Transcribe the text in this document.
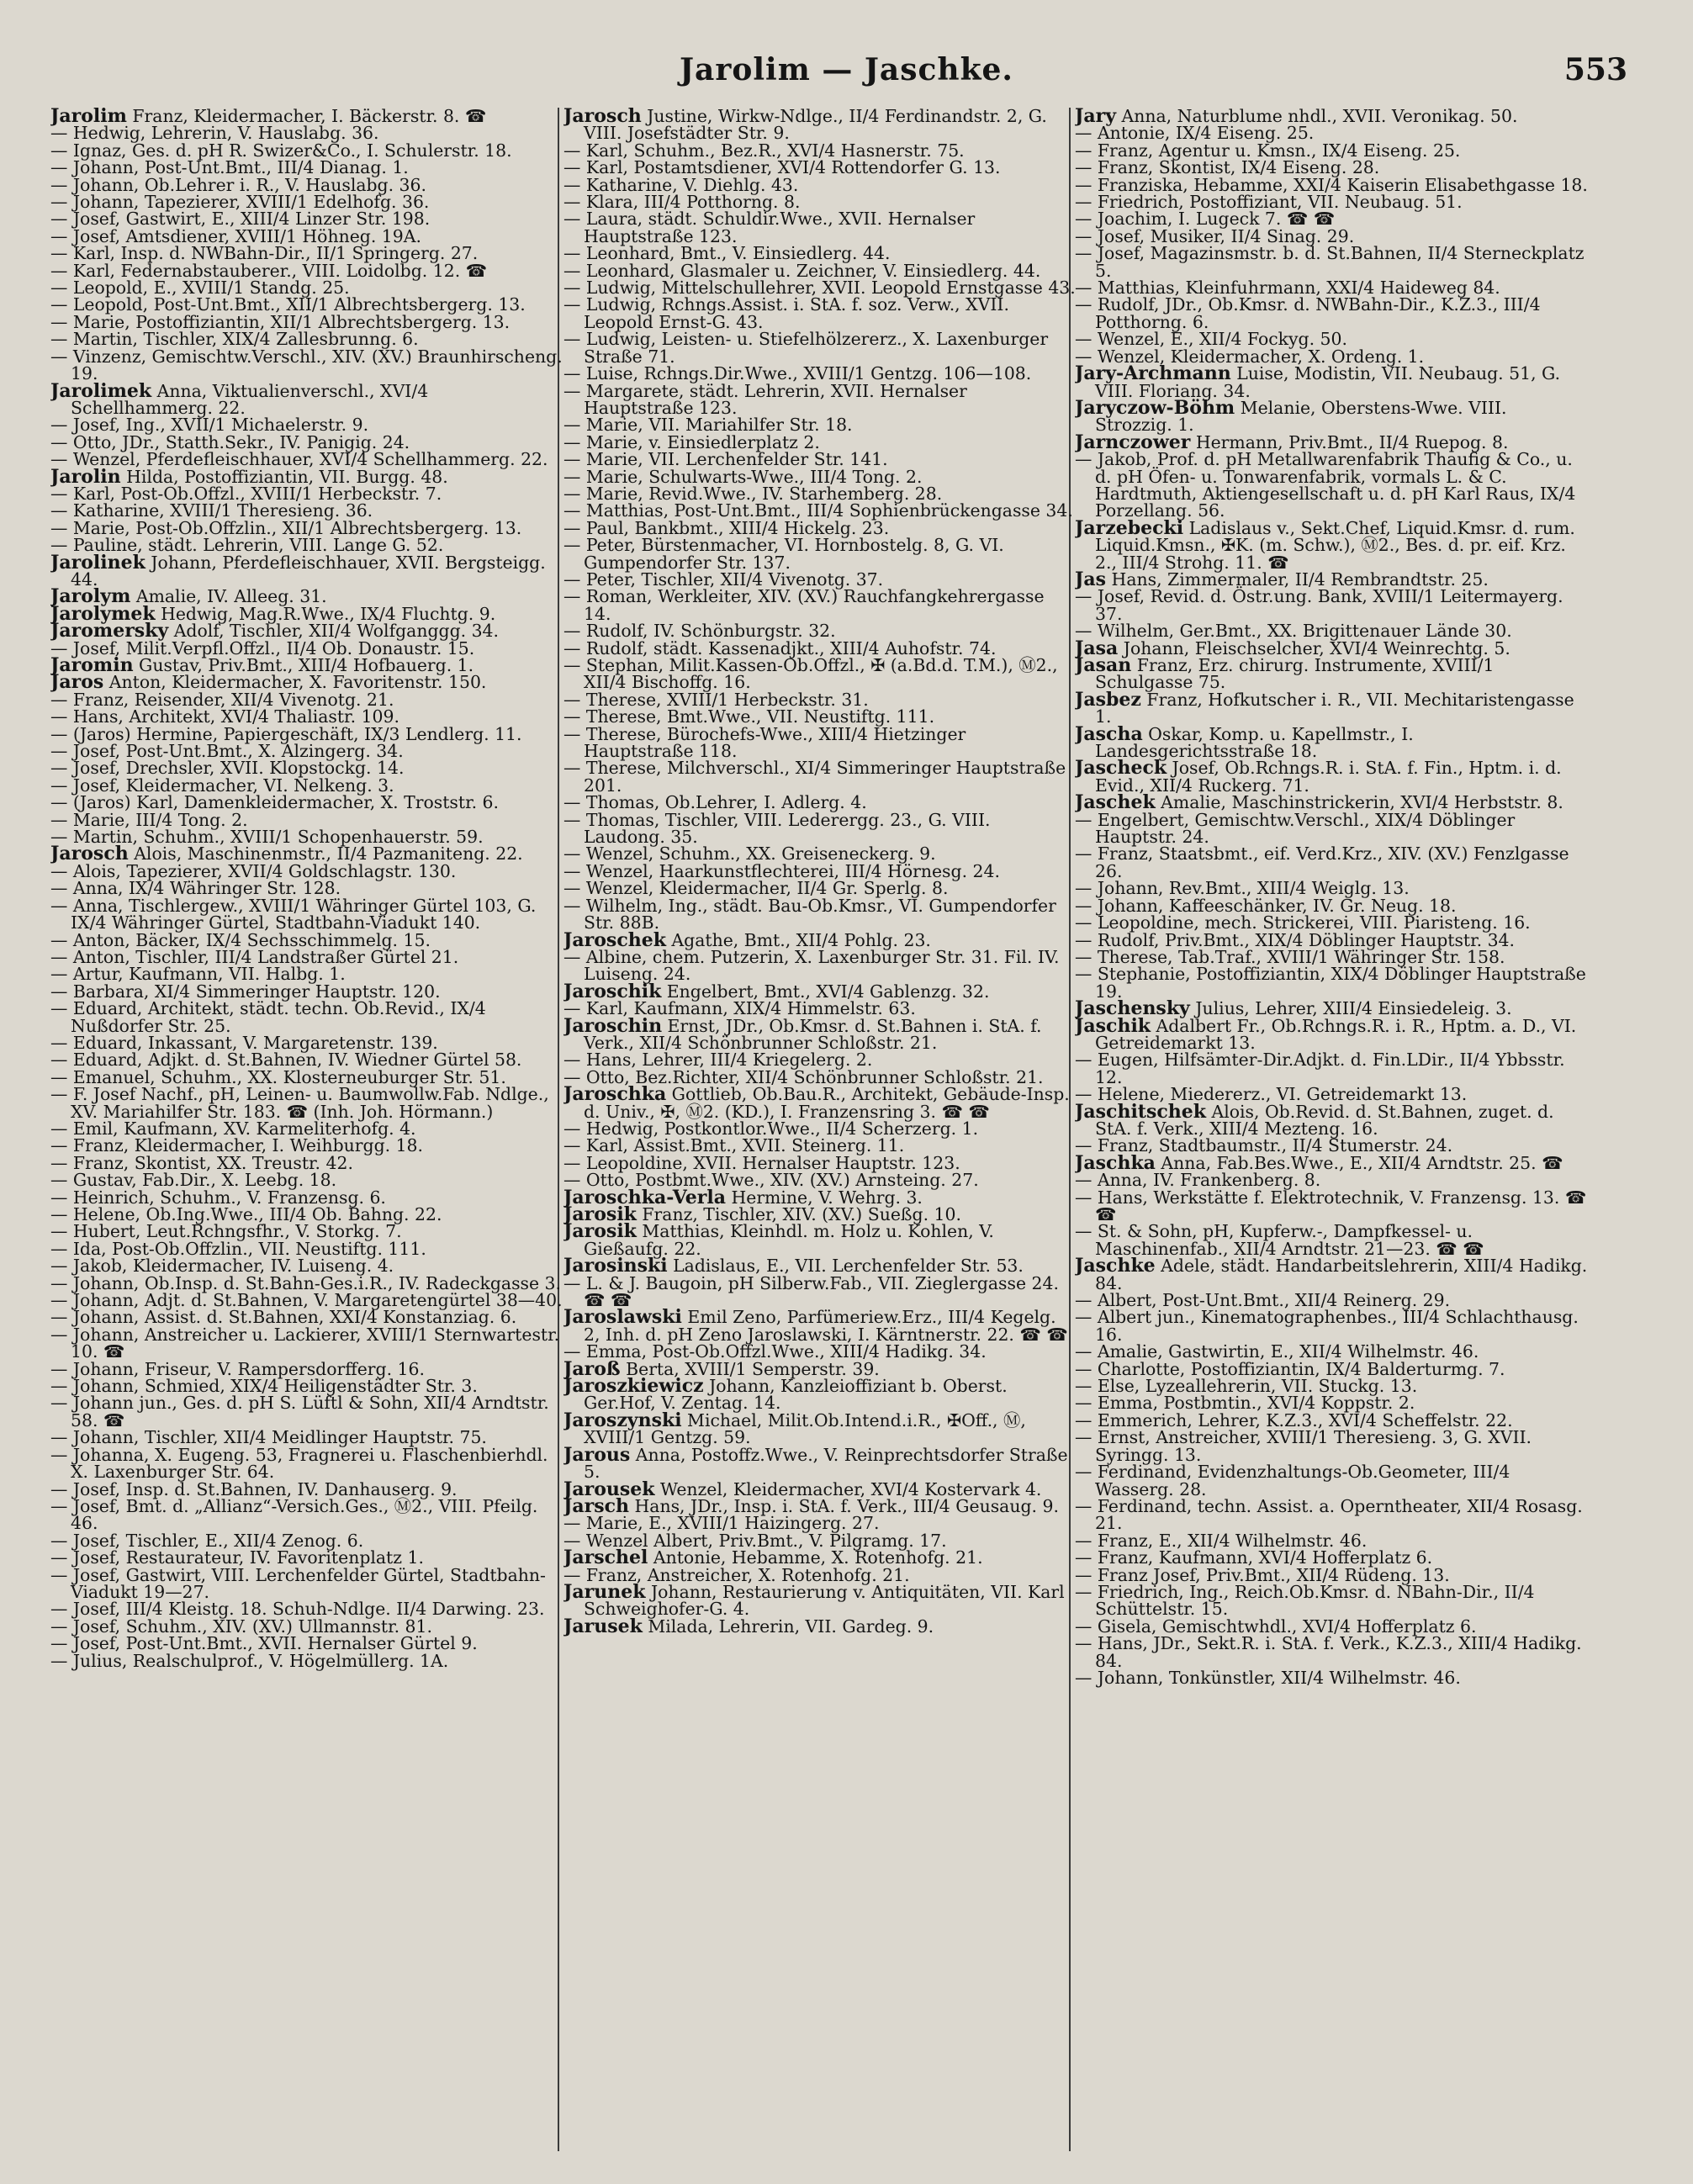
Jarolim — Jaschke.	553

Jarolim Franz, Kleidermacher, I. Bäckerstr. 8. ☎

— Hedwig, Lehrerin, V. Hauslabg. 36.

— Ignaz, Ges. d. pH R. Swizer&Co., I. Schulerstr. 18.

— Johann, Post-Unt.Bmt., III/4 Dianag. 1.

— Johann, Ob.Lehrer i. R., V. Hauslabg. 36.

— Johann, Tapezierer, XVIII/1 Edelhofg. 36.

— Josef, Gastwirt, E., XIII/4 Linzer Str. 198.

— Josef, Amtsdiener, XVIII/1 Höhneg. 19A.

— Karl, Insp. d. NWBahn-Dir., II/1 Springerg. 27.

— Karl, Federnabstauberer., VIII. Loidolbg. 12. ☎

— Leopold, E., XVIII/1 Standg. 25.

— Leopold, Post-Unt.Bmt., XII/1 Albrechtsbergerg. 13.

— Marie, Postoffiziantin, XII/1 Albrechtsbergerg. 13.

— Martin, Tischler, XIX/4 Zallesbrunng. 6.

— Vinzenz, Gemischtw.Verschl., XIV. (XV.) Braunhirscheng. 19.

Jarolimek Anna, Viktualienverschl., XVI/4 Schellhammerg. 22.

— Josef, Ing., XVII/1 Michaelerstr. 9.

— Otto, JDr., Statth.Sekr., IV. Panigig. 24.

— Wenzel, Pferdefleischhauer, XVI/4 Schellhammerg. 22.

Jarolin Hilda, Postoffiziantin, VII. Burgg. 48.

— Karl, Post-Ob.Offzl., XVIII/1 Herbeckstr. 7.

— Katharine, XVIII/1 Theresieng. 36.

— Marie, Post-Ob.Offzlin., XII/1 Albrechtsbergerg. 13.

— Pauline, städt. Lehrerin, VIII. Lange G. 52.

Jarolinek Johann, Pferdefleischhauer, XVII. Bergsteigg. 44.

Jarolym Amalie, IV. Alleeg. 31.

Jarolymek Hedwig, Mag.R.Wwe., IX/4 Fluchtg. 9.

Jaromersky Adolf, Tischler, XII/4 Wolfganggg. 34.

— Josef, Milit.Verpfl.Offzl., II/4 Ob. Donaustr. 15.

Jaromin Gustav, Priv.Bmt., XIII/4 Hofbauerg. 1.

Jaros Anton, Kleidermacher, X. Favoritenstr. 150.

— Franz, Reisender, XII/4 Vivenotg. 21.

— Hans, Architekt, XVI/4 Thaliastr. 109.

— (Jaros) Hermine, Papiergeschäft, IX/3 Lendlerg. 11.

— Josef, Post-Unt.Bmt., X. Alzingerg. 34.

— Josef, Drechsler, XVII. Klopstockg. 14.

— Josef, Kleidermacher, VI. Nelkeng. 3.

— (Jaros) Karl, Damenkleidermacher, X. Troststr. 6.

— Marie, III/4 Tong. 2.

— Martin, Schuhm., XVIII/1 Schopenhauerstr. 59.

Jarosch Alois, Maschinenmstr., II/4 Pazmaniteng. 22.

— Alois, Tapezierer, XVII/4 Goldschlagstr. 130.

— Anna, IX/4 Währinger Str. 128.

— Anna, Tischlergew., XVIII/1 Währinger Gürtel 103, G. IX/4 Währinger Gürtel, Stadtbahn-Viadukt 140.

— Anton, Bäcker, IX/4 Sechsschimmelg. 15.

— Anton, Tischler, III/4 Landstraßer Gürtel 21.

— Artur, Kaufmann, VII. Halbg. 1.

— Barbara, XI/4 Simmeringer Hauptstr. 120.

— Eduard, Architekt, städt. techn. Ob.Revid., IX/4 Nußdorfer Str. 25.

— Eduard, Inkassant, V. Margaretenstr. 139.

— Eduard, Adjkt. d. St.Bahnen, IV. Wiedner Gürtel 58.

— Emanuel, Schuhm., XX. Klosterneuburger Str. 51.

— F. Josef Nachf., pH, Leinen- u. Baumwollw.Fab. Ndlge., XV. Mariahilfer Str. 183. ☎ (Inh. Joh. Hörmann.)

— Emil, Kaufmann, XV. Karmeliterhofg. 4.

— Franz, Kleidermacher, I. Weihburgg. 18.

— Franz, Skontist, XX. Treustr. 42.

— Gustav, Fab.Dir., X. Leebg. 18.

— Heinrich, Schuhm., V. Franzensg. 6.

— Helene, Ob.Ing.Wwe., III/4 Ob. Bahng. 22.

— Hubert, Leut.Rchngsfhr., V. Storkg. 7.

— Ida, Post-Ob.Offzlin., VII. Neustiftg. 111.

— Jakob, Kleidermacher, IV. Luiseng. 4.

— Johann, Ob.Insp. d. St.Bahn-Ges.i.R., IV. Radeckgasse 3.

— Johann, Adjt. d. St.Bahnen, V. Margaretengürtel 38—40.

— Johann, Assist. d. St.Bahnen, XXI/4 Konstanziag. 6.

— Johann, Anstreicher u. Lackierer, XVIII/1 Sternwartestr. 10. ☎

— Johann, Friseur, V. Rampersdorfferg. 16.

— Johann, Schmied, XIX/4 Heiligenstädter Str. 3.

— Johann jun., Ges. d. pH S. Lüftl & Sohn, XII/4 Arndtstr. 58. ☎

— Johann, Tischler, XII/4 Meidlinger Hauptstr. 75.

— Johanna, X. Eugeng. 53, Fragnerei u. Flaschenbierhdl. X. Laxenburger Str. 64.

— Josef, Insp. d. St.Bahnen, IV. Danhauserg. 9.

— Josef, Bmt. d. „Allianz“-Versich.Ges., Ⓜ2., VIII. Pfeilg. 46.

— Josef, Tischler, E., XII/4 Zenog. 6.

— Josef, Restaurateur, IV. Favoritenplatz 1.

— Josef, Gastwirt, VIII. Lerchenfelder Gürtel, Stadtbahn-Viadukt 19—27.

— Josef, III/4 Kleistg. 18. Schuh-Ndlge. II/4 Darwing. 23.

— Josef, Schuhm., XIV. (XV.) Ullmannstr. 81.

— Josef, Post-Unt.Bmt., XVII. Hernalser Gürtel 9.

— Julius, Realschulprof., V. Högelmüllerg. 1A.

Jarosch Justine, Wirkw-Ndlge., II/4 Ferdinandstr. 2, G. VIII. Josefstädter Str. 9.

— Karl, Schuhm., Bez.R., XVI/4 Hasnerstr. 75.

— Karl, Postamtsdiener, XVI/4 Rottendorfer G. 13.

— Katharine, V. Diehlg. 43.

— Klara, III/4 Potthorng. 8.

— Laura, städt. Schuldir.Wwe., XVII. Hernalser Hauptstraße 123.

— Leonhard, Bmt., V. Einsiedlerg. 44.

— Leonhard, Glasmaler u. Zeichner, V. Einsiedlerg. 44.

— Ludwig, Mittelschullehrer, XVII. Leopold Ernstgasse 43.

— Ludwig, Rchngs.Assist. i. StA. f. soz. Verw., XVII. Leopold Ernst-G. 43.

— Ludwig, Leisten- u. Stiefelhölzererz., X. Laxenburger Straße 71.

— Luise, Rchngs.Dir.Wwe., XVIII/1 Gentzg. 106—108.

— Margarete, städt. Lehrerin, XVII. Hernalser Hauptstraße 123.

— Marie, VII. Mariahilfer Str. 18.

— Marie, v. Einsiedlerplatz 2.

— Marie, VII. Lerchenfelder Str. 141.

— Marie, Schulwarts-Wwe., III/4 Tong. 2.

— Marie, Revid.Wwe., IV. Starhemberg. 28.

— Matthias, Post-Unt.Bmt., III/4 Sophienbrückengasse 34.

— Paul, Bankbmt., XIII/4 Hickelg. 23.

— Peter, Bürstenmacher, VI. Hornbostelg. 8, G. VI. Gumpendorfer Str. 137.

— Peter, Tischler, XII/4 Vivenotg. 37.

— Roman, Werkleiter, XIV. (XV.) Rauchfangkehrergasse 14.

— Rudolf, IV. Schönburgstr. 32.

— Rudolf, städt. Kassenadjkt., XIII/4 Auhofstr. 74.

— Stephan, Milit.Kassen-Ob.Offzl., ✠ (a.Bd.d. T.M.), Ⓜ2., XII/4 Bischoffg. 16.

— Therese, XVIII/1 Herbeckstr. 31.

— Therese, Bmt.Wwe., VII. Neustiftg. 111.

— Therese, Bürochefs-Wwe., XIII/4 Hietzinger Hauptstraße 118.

— Therese, Milchverschl., XI/4 Simmeringer Hauptstraße 201.

— Thomas, Ob.Lehrer, I. Adlerg. 4.

— Thomas, Tischler, VIII. Lederergg. 23., G. VIII. Laudong. 35.

— Wenzel, Schuhm., XX. Greiseneckerg. 9.

— Wenzel, Haarkunstflechterei, III/4 Hörnesg. 24.

— Wenzel, Kleidermacher, II/4 Gr. Sperlg. 8.

— Wilhelm, Ing., städt. Bau-Ob.Kmsr., VI. Gumpendorfer Str. 88B.

Jaroschek Agathe, Bmt., XII/4 Pohlg. 23.

— Albine, chem. Putzerin, X. Laxenburger Str. 31. Fil. IV. Luiseng. 24.

Jaroschik Engelbert, Bmt., XVI/4 Gablenzg. 32.

— Karl, Kaufmann, XIX/4 Himmelstr. 63.

Jaroschin Ernst, JDr., Ob.Kmsr. d. St.Bahnen i. StA. f. Verk., XII/4 Schönbrunner Schloßstr. 21.

— Hans, Lehrer, III/4 Kriegelerg. 2.

— Otto, Bez.Richter, XII/4 Schönbrunner Schloßstr. 21.

Jaroschka Gottlieb, Ob.Bau.R., Architekt, Gebäude-Insp. d. Univ., ✠, Ⓜ2. (KD.), I. Franzensring 3. ☎ ☎

— Hedwig, Postkontlor.Wwe., II/4 Scherzerg. 1.

— Karl, Assist.Bmt., XVII. Steinerg. 11.

— Leopoldine, XVII. Hernalser Hauptstr. 123.

— Otto, Postbmt.Wwe., XIV. (XV.) Arnsteing. 27.

Jaroschka-Verla Hermine, V. Wehrg. 3.

Jarosik Franz, Tischler, XIV. (XV.) Sueßg. 10.

Jarosik Matthias, Kleinhdl. m. Holz u. Kohlen, V. Gießaufg. 22.

Jarosinski Ladislaus, E., VII. Lerchenfelder Str. 53.

— L. & J. Baugoin, pH Silberw.Fab., VII. Zieglergasse 24. ☎ ☎

Jaroslawski Emil Zeno, Parfümeriew.Erz., III/4 Kegelg. 2, Inh. d. pH Zeno Jaroslawski, I. Kärntnerstr. 22. ☎ ☎

— Emma, Post-Ob.Offzl.Wwe., XIII/4 Hadikg. 34.

Jaroß Berta, XVIII/1 Semperstr. 39.

Jaroszkiewicz Johann, Kanzleioffiziant b. Oberst. Ger.Hof, V. Zentag. 14.

Jaroszynski Michael, Milit.Ob.Intend.i.R., ✠Off., Ⓜ, XVIII/1 Gentzg. 59.

Jarous Anna, Postoffz.Wwe., V. Reinprechtsdorfer Straße 5.

Jarousek Wenzel, Kleidermacher, XVI/4 Kostervark 4.

Jarsch Hans, JDr., Insp. i. StA. f. Verk., III/4 Geusaug. 9.

— Marie, E., XVIII/1 Haizingerg. 27.

— Wenzel Albert, Priv.Bmt., V. Pilgramg. 17.

Jarschel Antonie, Hebamme, X. Rotenhofg. 21.

— Franz, Anstreicher, X. Rotenhofg. 21.

Jarunek Johann, Restaurierung v. Antiquitäten, VII. Karl Schweighofer-G. 4.

Jarusek Milada, Lehrerin, VII. Gardeg. 9.

Jary Anna, Naturblume nhdl., XVII. Veronikag. 50.

— Antonie, IX/4 Eiseng. 25.

— Franz, Agentur u. Kmsn., IX/4 Eiseng. 25.

— Franz, Skontist, IX/4 Eiseng. 28.

— Franziska, Hebamme, XXI/4 Kaiserin Elisabethgasse 18.

— Friedrich, Postoffiziant, VII. Neubaug. 51.

— Joachim, I. Lugeck 7. ☎ ☎

— Josef, Musiker, II/4 Sinag. 29.

— Josef, Magazinsmstr. b. d. St.Bahnen, II/4 Sterneckplatz 5.

— Matthias, Kleinfuhrmann, XXI/4 Haideweg 84.

— Rudolf, JDr., Ob.Kmsr. d. NWBahn-Dir., K.Z.3., III/4 Potthorng. 6.

— Wenzel, E., XII/4 Fockyg. 50.

— Wenzel, Kleidermacher, X. Ordeng. 1.

Jary-Archmann Luise, Modistin, VII. Neubaug. 51, G. VIII. Floriang. 34.

Jaryczow-Böhm Melanie, Oberstens-Wwe. VIII. Strozzig. 1.

Jarnczower Hermann, Priv.Bmt., II/4 Ruepog. 8.

— Jakob, Prof. d. pH Metallwarenfabrik Thaufig & Co., u. d. pH Öfen- u. Tonwarenfabrik, vormals L. & C. Hardtmuth, Aktiengesellschaft u. d. pH Karl Raus, IX/4 Porzellang. 56.

Jarzebecki Ladislaus v., Sekt.Chef, Liquid.Kmsr. d. rum. Liquid.Kmsn., ✠K. (m. Schw.), Ⓜ2., Bes. d. pr. eif. Krz. 2., III/4 Strohg. 11. ☎

Jas Hans, Zimmermaler, II/4 Rembrandtstr. 25.

— Josef, Revid. d. Östr.ung. Bank, XVIII/1 Leitermayerg. 37.

— Wilhelm, Ger.Bmt., XX. Brigittenauer Lände 30.

Jasa Johann, Fleischselcher, XVI/4 Weinrechtg. 5.

Jasan Franz, Erz. chirurg. Instrumente, XVIII/1 Schulgasse 75.

Jasbez Franz, Hofkutscher i. R., VII. Mechitaristengasse 1.

Jascha Oskar, Komp. u. Kapellmstr., I. Landesgerichtsstraße 18.

Jascheck Josef, Ob.Rchngs.R. i. StA. f. Fin., Hptm. i. d. Evid., XII/4 Ruckerg. 71.

Jaschek Amalie, Maschinstrickerin, XVI/4 Herbststr. 8.

— Engelbert, Gemischtw.Verschl., XIX/4 Döblinger Hauptstr. 24.

— Franz, Staatsbmt., eif. Verd.Krz., XIV. (XV.) Fenzlgasse 26.

— Johann, Rev.Bmt., XIII/4 Weiglg. 13.

— Johann, Kaffeeschänker, IV. Gr. Neug. 18.

— Leopoldine, mech. Strickerei, VIII. Piaristeng. 16.

— Rudolf, Priv.Bmt., XIX/4 Döblinger Hauptstr. 34.

— Therese, Tab.Traf., XVIII/1 Währinger Str. 158.

— Stephanie, Postoffiziantin, XIX/4 Döblinger Hauptstraße 19.

Jaschensky Julius, Lehrer, XIII/4 Einsiedeleig. 3.

Jaschik Adalbert Fr., Ob.Rchngs.R. i. R., Hptm. a. D., VI. Getreidemarkt 13.

— Eugen, Hilfsämter-Dir.Adjkt. d. Fin.LDir., II/4 Ybbsstr. 12.

— Helene, Miedererz., VI. Getreidemarkt 13.

Jaschitschek Alois, Ob.Revid. d. St.Bahnen, zuget. d. StA. f. Verk., XIII/4 Mezteng. 16.

— Franz, Stadtbaumstr., II/4 Stumerstr. 24.

Jaschka Anna, Fab.Bes.Wwe., E., XII/4 Arndtstr. 25. ☎

— Anna, IV. Frankenberg. 8.

— Hans, Werkstätte f. Elektrotechnik, V. Franzensg. 13. ☎ ☎

— St. & Sohn, pH, Kupferw.-, Dampfkessel- u. Maschinenfab., XII/4 Arndtstr. 21—23. ☎ ☎

Jaschke Adele, städt. Handarbeitslehrerin, XIII/4 Hadikg. 84.

— Albert, Post-Unt.Bmt., XII/4 Reinerg. 29.

— Albert jun., Kinematographenbes., III/4 Schlachthausg. 16.

— Amalie, Gastwirtin, E., XII/4 Wilhelmstr. 46.

— Charlotte, Postoffiziantin, IX/4 Balderturmg. 7.

— Else, Lyzeallehrerin, VII. Stuckg. 13.

— Emma, Postbmtin., XVI/4 Koppstr. 2.

— Emmerich, Lehrer, K.Z.3., XVI/4 Scheffelstr. 22.

— Ernst, Anstreicher, XVIII/1 Theresieng. 3, G. XVII. Syringg. 13.

— Ferdinand, Evidenzhaltungs-Ob.Geometer, III/4 Wasserg. 28.

— Ferdinand, techn. Assist. a. Operntheater, XII/4 Rosasg. 21.

— Franz, E., XII/4 Wilhelmstr. 46.

— Franz, Kaufmann, XVI/4 Hofferplatz 6.

— Franz Josef, Priv.Bmt., XII/4 Rüdeng. 13.

— Friedrich, Ing., Reich.Ob.Kmsr. d. NBahn-Dir., II/4 Schüttelstr. 15.

— Gisela, Gemischtwhdl., XVI/4 Hofferplatz 6.

— Hans, JDr., Sekt.R. i. StA. f. Verk., K.Z.3., XIII/4 Hadikg. 84.

— Johann, Tonkünstler, XII/4 Wilhelmstr. 46.
